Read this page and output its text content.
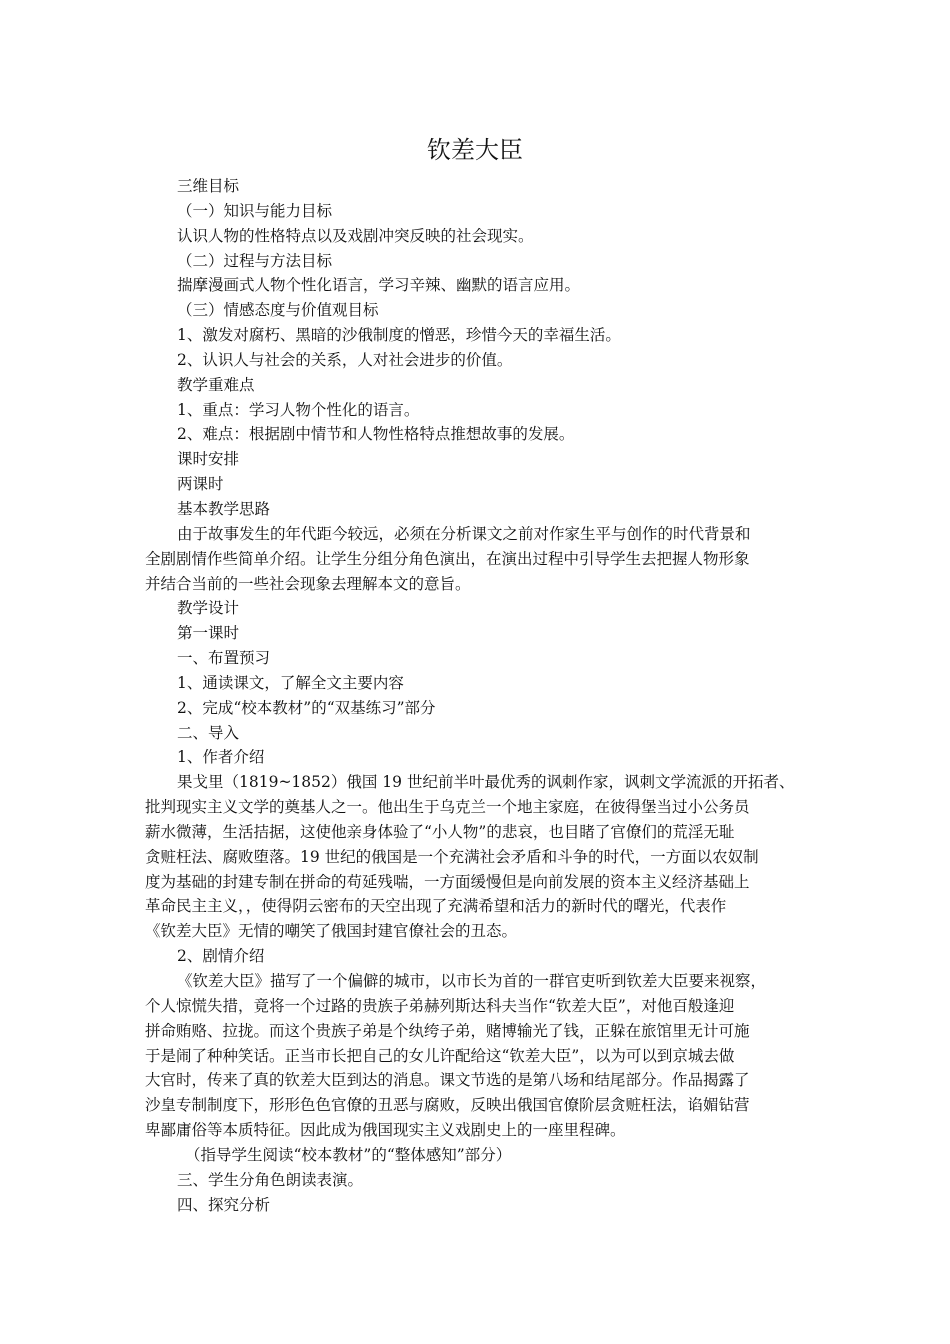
钦差大臣

三维目标

（一）知识与能力目标

认识人物的性格特点以及戏剧冲突反映的社会现实。

（二）过程与方法目标

揣摩漫画式人物个性化语言，学习辛辣、幽默的语言应用。

（三）情感态度与价值观目标

1、激发对腐朽、黑暗的沙俄制度的憎恶，珍惜今天的幸福生活。

2、认识人与社会的关系，人对社会进步的价值。

教学重难点

1、重点：学习人物个性化的语言。

2、难点：根据剧中情节和人物性格特点推想故事的发展。

课时安排

两课时

基本教学思路

由于故事发生的年代距今较远，必须在分析课文之前对作家生平与创作的时代背景和

全剧剧情作些简单介绍。让学生分组分角色演出，在演出过程中引导学生去把握人物形象

并结合当前的一些社会现象去理解本文的意旨。

教学设计

第一课时

一、布置预习

1、通读课文，了解全文主要内容

2、完成“校本教材”的“双基练习”部分

二、导入

1、作者介绍

果戈里（1819~1852）俄国 19 世纪前半叶最优秀的讽刺作家，讽刺文学流派的开拓者、

批判现实主义文学的奠基人之一。他出生于乌克兰一个地主家庭，在彼得堡当过小公务员

薪水微薄，生活拮据，这使他亲身体验了“小人物”的悲哀，也目睹了官僚们的荒淫无耻

贪赃枉法、腐败堕落。19 世纪的俄国是一个充满社会矛盾和斗争的时代，一方面以农奴制

度为基础的封建专制在拼命的苟延残喘，一方面缓慢但是向前发展的资本主义经济基础上

革命民主主义，，使得阴云密布的天空出现了充满希望和活力的新时代的曙光，代表作

《钦差大臣》无情的嘲笑了俄国封建官僚社会的丑态。

2、剧情介绍

《钦差大臣》描写了一个偏僻的城市，以市长为首的一群官吏听到钦差大臣要来视察，

个人惊慌失措，竟将一个过路的贵族子弟赫列斯达科夫当作“钦差大臣”，对他百般逢迎

拼命贿赂、拉拢。而这个贵族子弟是个纨绔子弟，赌博输光了钱，正躲在旅馆里无计可施

于是闹了种种笑话。正当市长把自己的女儿许配给这“钦差大臣”，以为可以到京城去做

大官时，传来了真的钦差大臣到达的消息。课文节选的是第八场和结尾部分。作品揭露了

沙皇专制制度下，形形色色官僚的丑恶与腐败，反映出俄国官僚阶层贪赃枉法，谄媚钻营

卑鄙庸俗等本质特征。因此成为俄国现实主义戏剧史上的一座里程碑。

（指导学生阅读“校本教材”的“整体感知”部分）

三、学生分角色朗读表演。

四、探究分析
